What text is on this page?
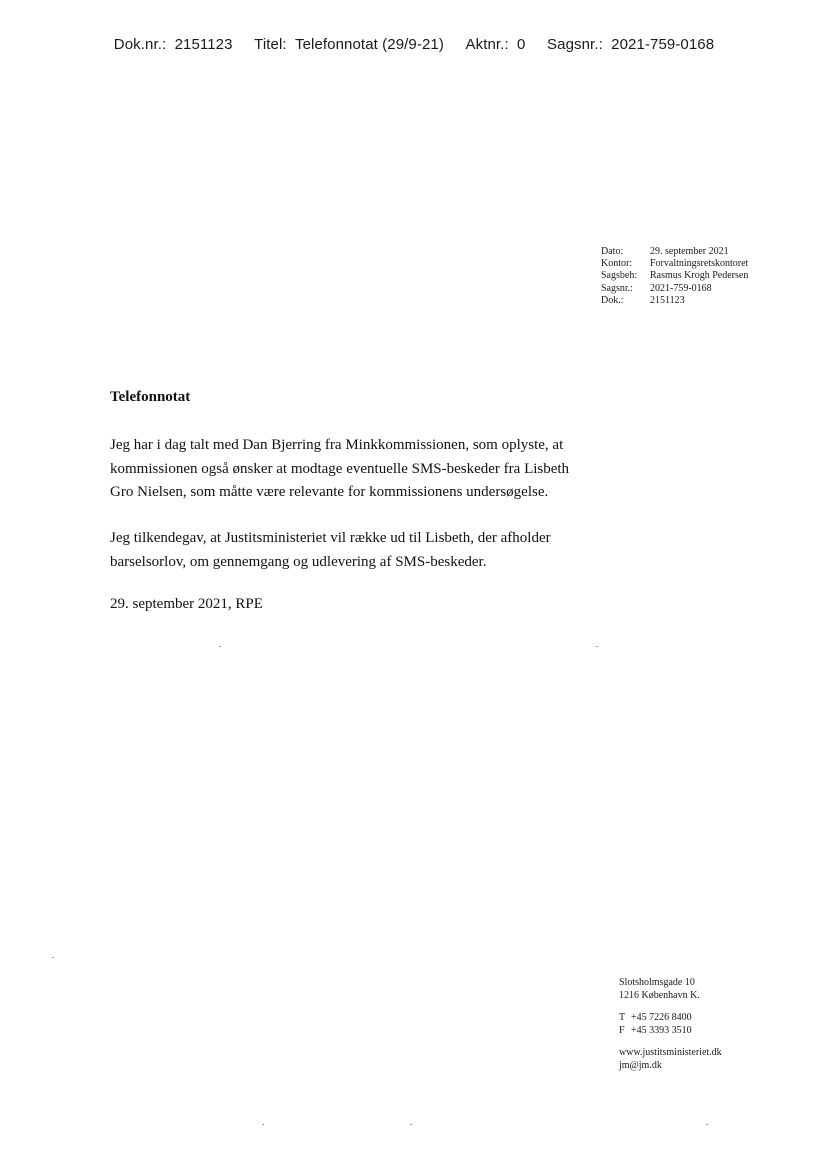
Dok.nr.: 2151123 Titel: Telefonnotat (29/9-21) Aktnr.: 0 Sagsnr.: 2021-759-0168
Dato:	29. september 2021
Kontor:	Forvaltningsretskontoret
Sagsbeh:	Rasmus Krogh Pedersen
Sagsnr.:	2021-759-0168
Dok.:	2151123
Telefonnotat

Jeg har i dag talt med Dan Bjerring fra Minkkommissionen, som oplyste, at kommissionen også ønsker at modtage eventuelle SMS-beskeder fra Lisbeth Gro Nielsen, som måtte være relevante for kommissionens undersøgelse.

Jeg tilkendegav, at Justitsministeriet vil række ud til Lisbeth, der afholder barselsorlov, om gennemgang og udlevering af SMS-beskeder.

29. september 2021, RPE

Slotsholmsgade 10
1216 København K.
T +45 7226 8400
F +45 3393 3510
www.justitsministeriet.dk
jm@jm.dk
